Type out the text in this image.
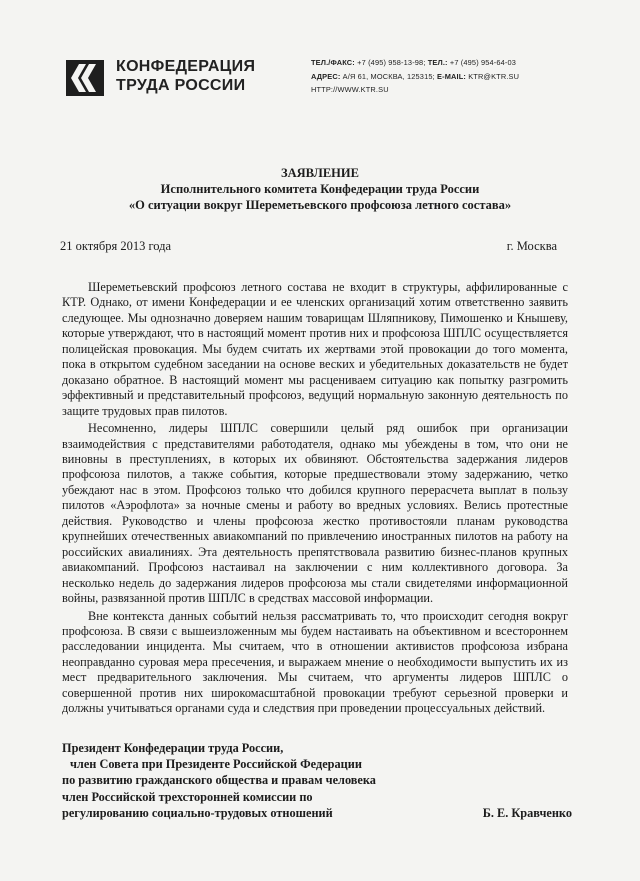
КОНФЕДЕРАЦИЯ
ТРУДА РОССИИ
ТЕЛ./ФАКС: +7 (495) 958-13-98; ТЕЛ.: +7 (495) 954-64-03
АДРЕС: А/Я 61, МОСКВА, 125315; E-MAIL: KTR@KTR.SU
HTTP://WWW.KTR.SU
ЗАЯВЛЕНИЕ
Исполнительного комитета Конфедерации труда России
«О ситуации вокруг Шереметьевского профсоюза летного состава»
21 октября 2013 года	г. Москва

Шереметьевский профсоюз летного состава не входит в структуры, аффилированные с КТР. Однако, от имени Конфедерации и ее членских организаций хотим ответственно заявить следующее. Мы однозначно доверяем нашим товарищам Шляпникову, Пимошенко и Кнышеву, которые утверждают, что в настоящий момент против них и профсоюза ШПЛС осуществляется полицейская провокация. Мы будем считать их жертвами этой провокации до того момента, пока в открытом судебном заседании на основе веских и убедительных доказательств не будет доказано обратное. В настоящий момент мы расцениваем ситуацию как попытку разгромить эффективный и представительный профсоюз, ведущий нормальную законную деятельность по защите трудовых прав пилотов.

Несомненно, лидеры ШПЛС совершили целый ряд ошибок при организации взаимодействия с представителями работодателя, однако мы убеждены в том, что они не виновны в преступлениях, в которых их обвиняют. Обстоятельства задержания лидеров профсоюза пилотов, а также события, которые предшествовали этому задержанию, четко убеждают нас в этом. Профсоюз только что добился крупного перерасчета выплат в пользу пилотов «Аэрофлота» за ночные смены и работу во вредных условиях. Велись протестные действия. Руководство и члены профсоюза жестко противостояли планам руководства крупнейших отечественных авиакомпаний по привлечению иностранных пилотов на работу на российских авиалиниях. Эта деятельность препятствовала развитию бизнес-планов крупных авиакомпаний. Профсоюз настаивал на заключении с ним коллективного договора. За несколько недель до задержания лидеров профсоюза мы стали свидетелями информационной войны, развязанной против ШПЛС в средствах массовой информации.

Вне контекста данных событий нельзя рассматривать то, что происходит сегодня вокруг профсоюза. В связи с вышеизложенным мы будем настаивать на объективном и всестороннем расследовании инцидента. Мы считаем, что в отношении активистов профсоюза избрана неоправданно суровая мера пресечения, и выражаем мнение о необходимости выпустить их из мест предварительного заключения. Мы считаем, что аргументы лидеров ШПЛС о совершенной против них широкомасштабной провокации требуют серьезной проверки и должны учитываться органами суда и следствия при проведении процессуальных действий.

Президент Конфедерации труда России,
член Совета при Президенте Российской Федерации
по развитию гражданского общества и правам человека
член Российской трехсторонней комиссии по
регулированию социально-трудовых отношений	Б. Е. Кравченко
